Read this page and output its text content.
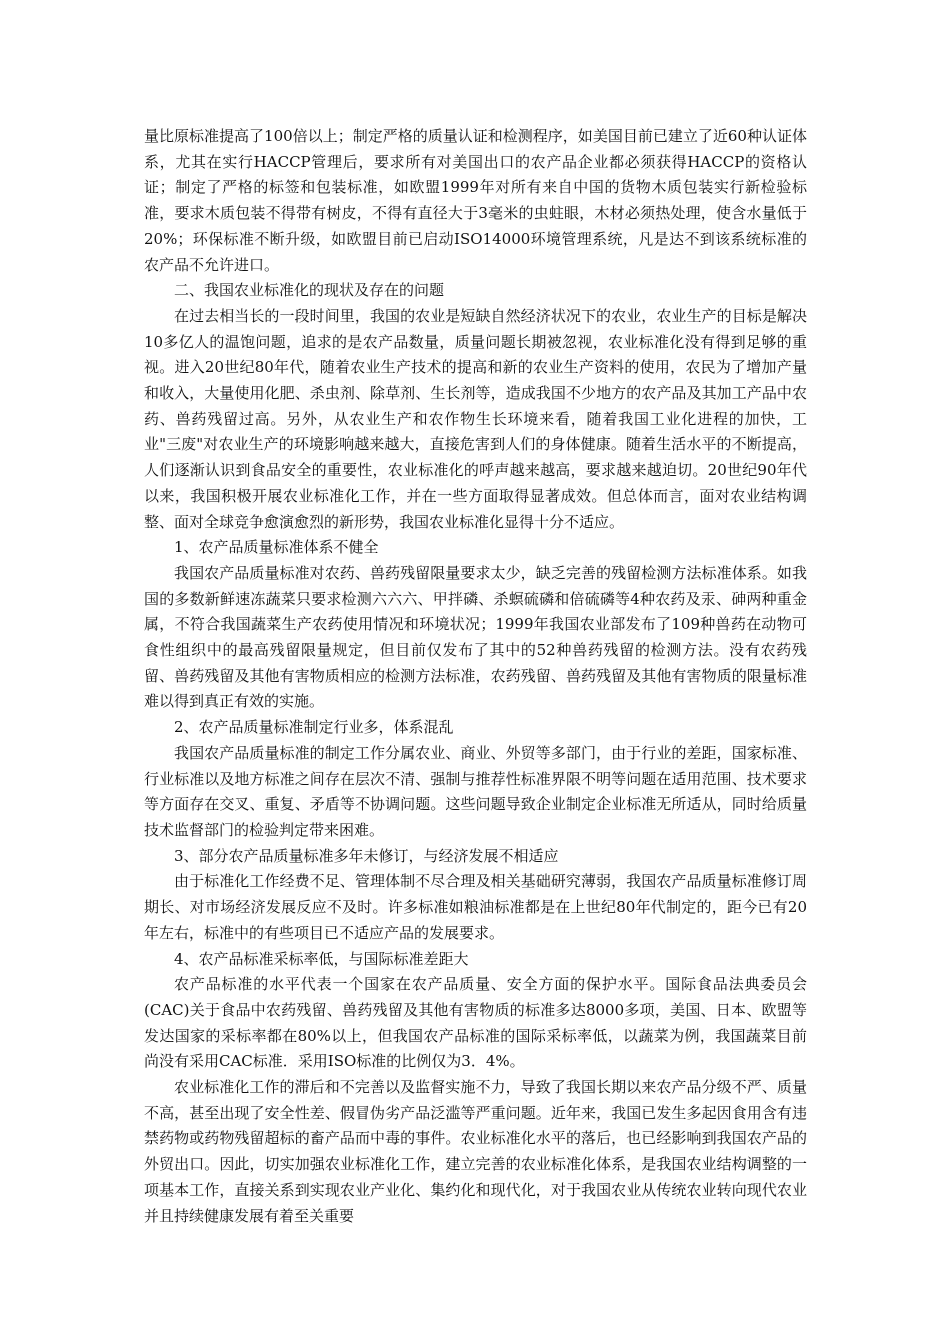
量比原标准提高了100倍以上；制定严格的质量认证和检测程序，如美国目前已建立了近60种认证体系，尤其在实行HACCP管理后，要求所有对美国出口的农产品企业都必须获得HACCP的资格认证；制定了严格的标签和包装标准，如欧盟1999年对所有来自中国的货物木质包装实行新检验标准，要求木质包装不得带有树皮，不得有直径大于3毫米的虫蛀眼，木材必须热处理，使含水量低于20%；环保标准不断升级，如欧盟目前已启动ISO14000环境管理系统，凡是达不到该系统标准的农产品不允许进口。

二、我国农业标准化的现状及存在的问题

在过去相当长的一段时间里，我国的农业是短缺自然经济状况下的农业，农业生产的目标是解决10多亿人的温饱问题，追求的是农产品数量，质量问题长期被忽视，农业标准化没有得到足够的重视。进入20世纪80年代，随着农业生产技术的提高和新的农业生产资料的使用，农民为了增加产量和收入，大量使用化肥、杀虫剂、除草剂、生长剂等，造成我国不少地方的农产品及其加工产品中农药、兽药残留过高。另外，从农业生产和农作物生长环境来看，随着我国工业化进程的加快，工业"三废"对农业生产的环境影响越来越大，直接危害到人们的身体健康。随着生活水平的不断提高，人们逐渐认识到食品安全的重要性，农业标准化的呼声越来越高，要求越来越迫切。20世纪90年代以来，我国积极开展农业标准化工作，并在一些方面取得显著成效。但总体而言，面对农业结构调整、面对全球竞争愈演愈烈的新形势，我国农业标准化显得十分不适应。

1、农产品质量标准体系不健全

我国农产品质量标准对农药、兽药残留限量要求太少，缺乏完善的残留检测方法标准体系。如我国的多数新鲜速冻蔬菜只要求检测六六六、甲拌磷、杀螟硫磷和倍硫磷等4种农药及汞、砷两种重金属，不符合我国蔬菜生产农药使用情况和环境状况；1999年我国农业部发布了109种兽药在动物可食性组织中的最高残留限量规定，但目前仅发布了其中的52种兽药残留的检测方法。没有农药残留、兽药残留及其他有害物质相应的检测方法标准，农药残留、兽药残留及其他有害物质的限量标准难以得到真正有效的实施。

2、农产品质量标准制定行业多，体系混乱

我国农产品质量标准的制定工作分属农业、商业、外贸等多部门，由于行业的差距，国家标准、行业标准以及地方标准之间存在层次不清、强制与推荐性标准界限不明等问题在适用范围、技术要求等方面存在交叉、重复、矛盾等不协调问题。这些问题导致企业制定企业标准无所适从，同时给质量技术监督部门的检验判定带来困难。

3、部分农产品质量标准多年未修订，与经济发展不相适应

由于标准化工作经费不足、管理体制不尽合理及相关基础研究薄弱，我国农产品质量标准修订周期长、对市场经济发展反应不及时。许多标准如粮油标准都是在上世纪80年代制定的，距今已有20年左右，标准中的有些项目已不适应产品的发展要求。

4、农产品标准采标率低，与国际标准差距大

农产品标准的水平代表一个国家在农产品质量、安全方面的保护水平。国际食品法典委员会(CAC)关于食品中农药残留、兽药残留及其他有害物质的标准多达8000多项，美国、日本、欧盟等发达国家的采标率都在80%以上，但我国农产品标准的国际采标率低，以蔬菜为例，我国蔬菜目前尚没有采用CAC标准．采用ISO标准的比例仅为3．4%。

农业标准化工作的滞后和不完善以及监督实施不力，导致了我国长期以来农产品分级不严、质量不高，甚至出现了安全性差、假冒伪劣产品泛滥等严重问题。近年来，我国已发生多起因食用含有违禁药物或药物残留超标的畜产品而中毒的事件。农业标准化水平的落后，也已经影响到我国农产品的外贸出口。因此，切实加强农业标准化工作，建立完善的农业标准化体系，是我国农业结构调整的一项基本工作，直接关系到实现农业产业化、集约化和现代化，对于我国农业从传统农业转向现代农业并且持续健康发展有着至关重要
